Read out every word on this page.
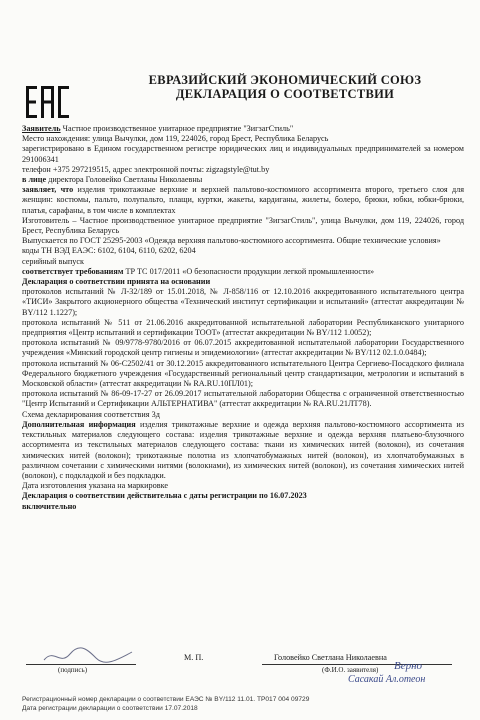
ЕВРАЗИЙСКИЙ ЭКОНОМИЧЕСКИЙ СОЮЗ
ДЕКЛАРАЦИЯ О СООТВЕТСТВИИ

Заявитель Частное производственное унитарное предприятие "ЗигзагСтиль"

Место нахождения: улица Вычулки, дом 119, 224026, город Брест, Республика Беларусь

зарегистрировано в Едином государственном регистре юридических лиц и индивидуальных предпринимателей за номером 291006341

телефон +375 297219515, адрес электронной почты: zigzagstyle@tut.by

в лице директора Головейко Светланы Николаевны

заявляет, что изделия трикотажные верхние и верхней пальтово-костюмного ассортимента второго, третьего слоя для женщин: костюмы, пальто, полупальто, плащи, куртки, жакеты, кардиганы, жилеты, болеро, брюки, юбки, юбки-брюки, платья, сарафаны, в том числе в комплектах

Изготовитель – Частное производственное унитарное предприятие "ЗигзагСтиль", улица Вычулки, дом 119, 224026, город Брест, Республика Беларусь

Выпускается по ГОСТ 25295-2003 «Одежда верхняя пальтово-костюмного ассортимента. Общие технические условия»

коды ТН ВЭД ЕАЭС: 6102, 6104, 6110, 6202, 6204

серийный выпуск

соответствует требованиям ТР ТС 017/2011 «О безопасности продукции легкой промышленности»

Декларация о соответствии принята на основании

протоколов испытаний № Л-32/189 от 15.01.2018, № Л-858/116 от 12.10.2016 аккредитованного испытательного центра «ТИСИ» Закрытого акционерного общества «Технический институт сертификации и испытаний» (аттестат аккредитации № BY/112 1.1227);

протокола испытаний № 511 от 21.06.2016 аккредитованной испытательной лаборатории Республиканского унитарного предприятия «Центр испытаний и сертификации ТООТ» (аттестат аккредитации № BY/112 1.0052);

протокола испытаний № 09/9778-9780/2016 от 06.07.2015 аккредитованной испытательной лаборатории Государственного учреждения «Минский городской центр гигиены и эпидемиологии» (аттестат аккредитации № BY/112 02.1.0.0484);

протокола испытаний № 06-С2502/41 от 30.12.2015 аккредитованного испытательного Центра Сергиево-Посадского филиала Федерального бюджетного учреждения «Государственный региональный центр стандартизации, метрологии и испытаний в Московской области» (аттестат аккредитации № RA.RU.10ПЛ01);

протокола испытаний № 86-09-17-27 от 26.09.2017 испытательной лаборатории Общества с ограниченной ответственностью "Центр Испытаний и Сертификации АЛЬТЕРНАТИВА" (аттестат аккредитации № RA.RU.21ЛТ78).

Схема декларирования соответствия 3д

Дополнительная информация изделия трикотажные верхние и одежда верхняя пальтово-костюмного ассортимента из текстильных материалов следующего состава: изделия трикотажные верхние и одежда верхняя платьево-блузочного ассортимента из текстильных материалов следующего состава: ткани из химических нитей (волокон), из сочетания химических нитей (волокон); трикотажные полотна из хлопчатобумажных нитей (волокон), из хлопчатобумажных в различном сочетании с химическими нитями (волокнами), из химических нитей (волокон), из сочетания химических нитей (волокон), с подкладкой и без подкладки.

Дата изготовления указана на маркировке

Декларация о соответствии действительна с даты регистрации по 16.07.2023
включительно

(подпись)
М. П.	Головейко Светлана Николаевна
(Ф.И.О. заявителя) Верно
Сасакай Ал.отеон
Регистрационный номер декларации о соответствии ЕАЭС № BY/112 11.01. ТР017 004 09729
Дата регистрации декларации о соответствии 17.07.2018
